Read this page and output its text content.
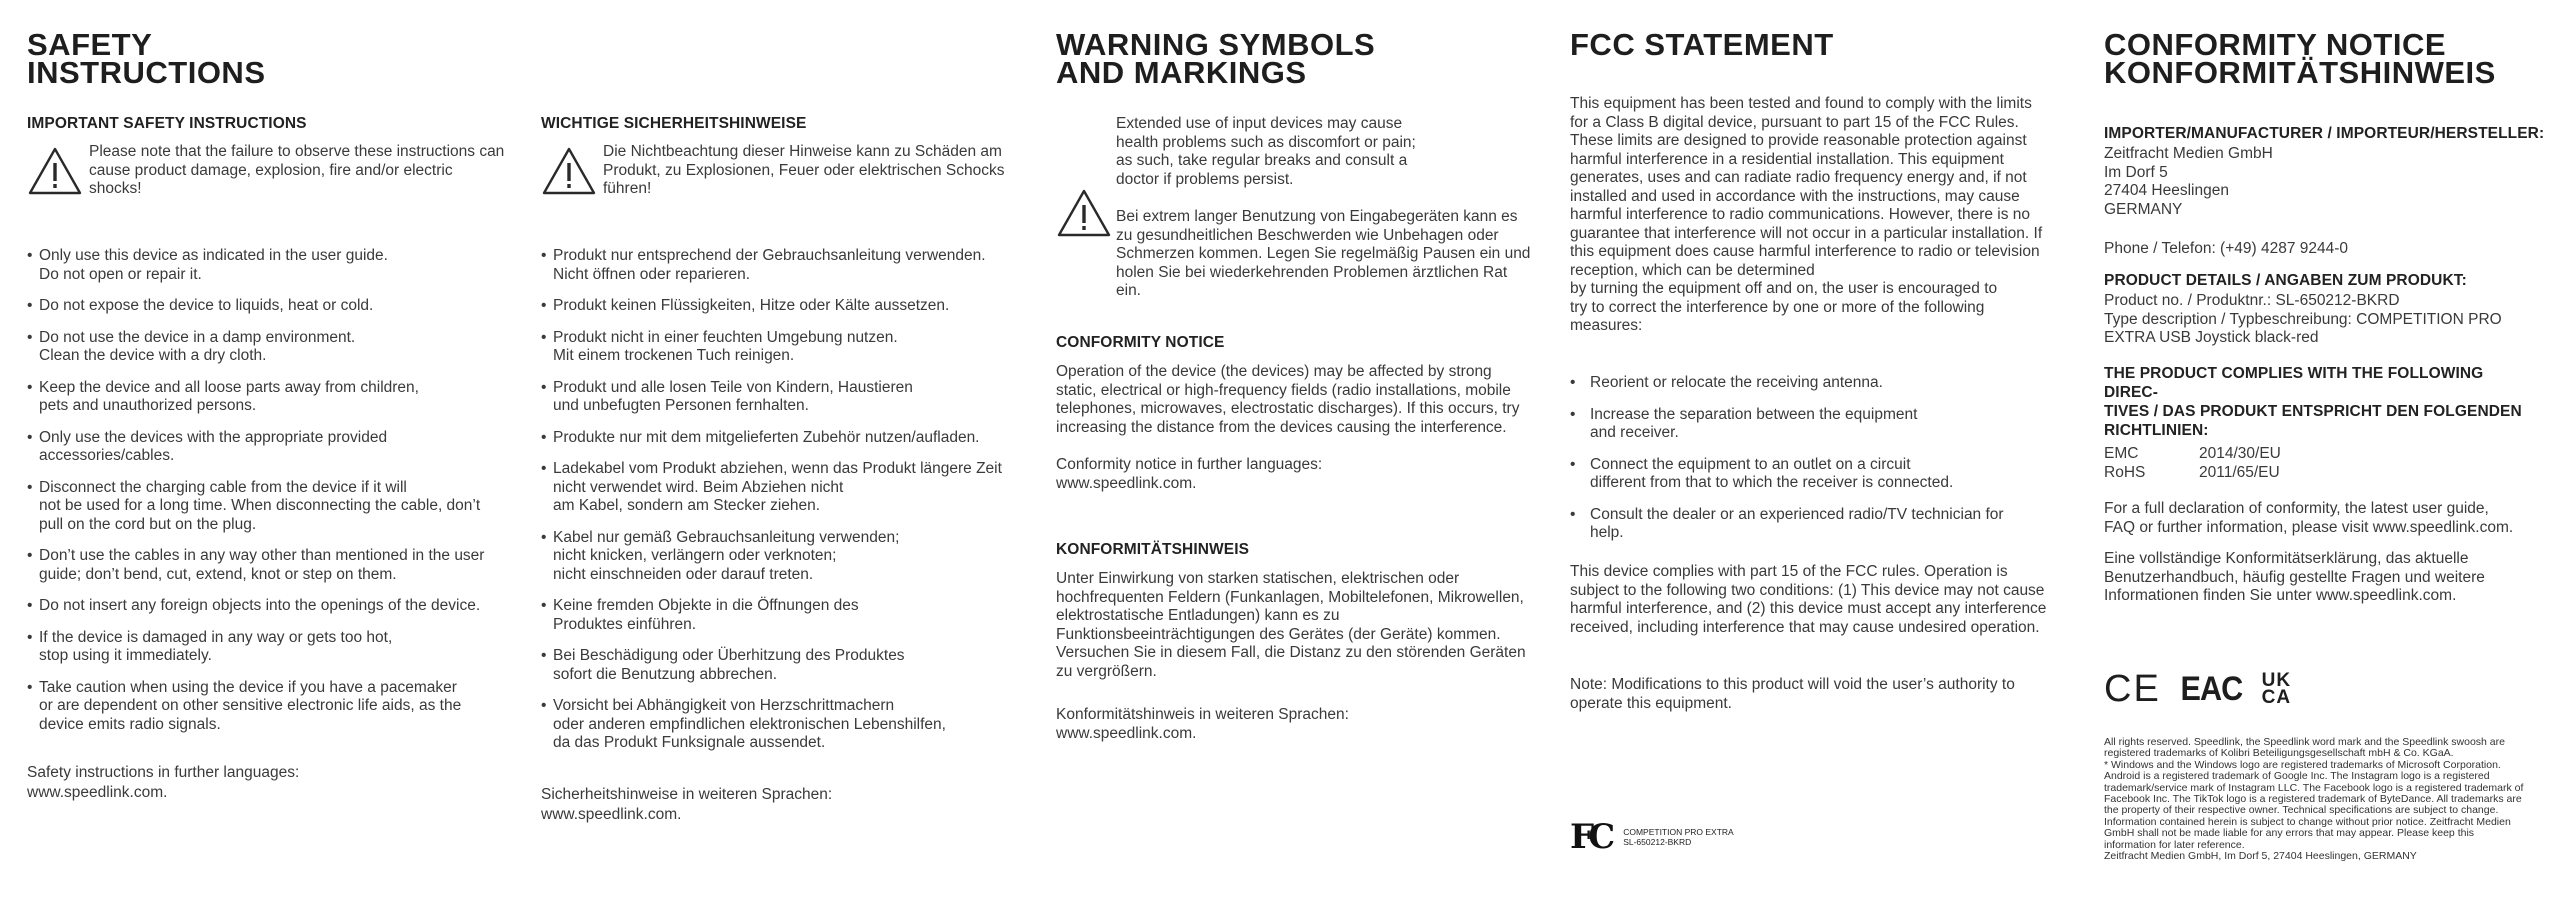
SAFETY
INSTRUCTIONS
IMPORTANT SAFETY INSTRUCTIONS
Please note that the failure to observe these instructions can cause product damage, explosion, fire and/or electric shocks!
• Only use this device as indicated in the user guide.
Do not open or repair it.
• Do not expose the device to liquids, heat or cold.
• Do not use the device in a damp environment.
Clean the device with a dry cloth.
• Keep the device and all loose parts away from children,
pets and unauthorized persons.
• Only use the devices with the appropriate provided accessories/cables.
• Disconnect the charging cable from the device if it will
not be used for a long time. When disconnecting the cable, don’t pull on the cord but on the plug.
• Don’t use the cables in any way other than mentioned in the user guide; don’t bend, cut, extend, knot or step on them.
• Do not insert any foreign objects into the openings of the device.
• If the device is damaged in any way or gets too hot,
stop using it immediately.
• Take caution when using the device if you have a pacemaker
or are dependent on other sensitive electronic life aids, as the device emits radio signals.
Safety instructions in further languages:
www.speedlink.com.
WICHTIGE SICHERHEITSHINWEISE
Die Nichtbeachtung dieser Hinweise kann zu Schäden am Produkt, zu Explosionen, Feuer oder elektrischen Schocks führen!
• Produkt nur entsprechend der Gebrauchsanleitung verwenden.
Nicht öffnen oder reparieren.
• Produkt keinen Flüssigkeiten, Hitze oder Kälte aussetzen.
• Produkt nicht in einer feuchten Umgebung nutzen.
Mit einem trockenen Tuch reinigen.
• Produkt und alle losen Teile von Kindern, Haustieren
und unbefugten Personen fernhalten.
• Produkte nur mit dem mitgelieferten Zubehör nutzen/aufladen.
• Ladekabel vom Produkt abziehen, wenn das Produkt längere Zeit nicht verwendet wird. Beim Abziehen nicht
am Kabel, sondern am Stecker ziehen.
• Kabel nur gemäß Gebrauchsanleitung verwenden;
nicht knicken, verlängern oder verknoten;
nicht einschneiden oder darauf treten.
• Keine fremden Objekte in die Öffnungen des
Produktes einführen.
• Bei Beschädigung oder Überhitzung des Produktes
sofort die Benutzung abbrechen.
• Vorsicht bei Abhängigkeit von Herzschrittmachern
oder anderen empfindlichen elektronischen Lebenshilfen,
da das Produkt Funksignale aussendet.
Sicherheitshinweise in weiteren Sprachen:
www.speedlink.com.
WARNING SYMBOLS
AND MARKINGS
Extended use of input devices may cause
health problems such as discomfort or pain;
as such, take regular breaks and consult a
doctor if problems persist.
Bei extrem langer Benutzung von Eingabegeräten kann es zu gesundheitlichen Beschwerden wie Unbehagen oder Schmerzen kommen. Legen Sie regelmäßig Pausen ein und holen Sie bei wiederkehrenden Problemen ärztlichen Rat ein.
CONFORMITY NOTICE
Operation of the device (the devices) may be affected by strong static, electrical or high-frequency fields (radio installations, mobile telephones, microwaves, electrostatic discharges). If this occurs, try increasing the distance from the devices causing the interference.
Conformity notice in further languages:
www.speedlink.com.
KONFORMITÄTSHINWEIS
Unter Einwirkung von starken statischen, elektrischen oder hochfrequenten Feldern (Funkanlagen, Mobiltelefonen, Mikrowellen, elektrostatische Entladungen) kann es zu Funktionsbeeinträchtigungen des Gerätes (der Geräte) kommen. Versuchen Sie in diesem Fall, die Distanz zu den störenden Geräten zu vergrößern.
Konformitätshinweis in weiteren Sprachen:
www.speedlink.com.
FCC STATEMENT
This equipment has been tested and found to comply with the limits for a Class B digital device, pursuant to part 15 of the FCC Rules. These limits are designed to provide reasonable protection against harmful interference in a residential installation. This equipment generates, uses and can radiate radio frequency energy and, if not installed and used in accordance with the instructions, may cause harmful interference to radio communications. However, there is no guarantee that interference will not occur in a particular installation. If this equipment does cause harmful interference to radio or television reception, which can be determined
by turning the equipment off and on, the user is encouraged to
try to correct the interference by one or more of the following measures:
• Reorient or relocate the receiving antenna.
• Increase the separation between the equipment
and receiver.
• Connect the equipment to an outlet on a circuit
different from that to which the receiver is connected.
• Consult the dealer or an experienced radio/TV technician for help.
This device complies with part 15 of the FCC rules. Operation is subject to the following two conditions: (1) This device may not cause harmful interference, and (2) this device must accept any interference received, including interference that may cause undesired operation.
Note: Modifications to this product will void the user’s authority to operate this equipment.
FC COMPETITION PRO EXTRA
SL-650212-BKRD
CONFORMITY NOTICE
KONFORMITÄTSHINWEIS
IMPORTER/MANUFACTURER / IMPORTEUR/HERSTELLER:
Zeitfracht Medien GmbH
Im Dorf 5
27404 Heeslingen
GERMANY
Phone / Telefon: (+49) 4287 9244-0
PRODUCT DETAILS / ANGABEN ZUM PRODUKT:
Product no. / Produktnr.: SL-650212-BKRD
Type description / Typbeschreibung: COMPETITION PRO EXTRA USB Joystick black-red
THE PRODUCT COMPLIES WITH THE FOLLOWING DIREC-
TIVES / DAS PRODUKT ENTSPRICHT DEN FOLGENDEN
RICHTLINIEN:
EMC	2014/30/EU
RoHS	2011/65/EU
For a full declaration of conformity, the latest user guide, FAQ or further information, please visit www.speedlink.com.
Eine vollständige Konformitätserklärung, das aktuelle Benutzerhandbuch, häufig gestellte Fragen und weitere Informationen finden Sie unter www.speedlink.com.
CE EAC UK
CA
All rights reserved. Speedlink, the Speedlink word mark and the Speedlink swoosh are registered trademarks of Kolibri Beteiligungsgesellschaft mbH & Co. KGaA.
* Windows and the Windows logo are registered trademarks of Microsoft Corporation. Android is a registered trademark of Google Inc. The Instagram logo is a registered trademark/service mark of Instagram LLC. The Facebook logo is a registered trademark of Facebook Inc. The TikTok logo is a registered trademark of ByteDance. All trademarks are the property of their respective owner. Technical specifications are subject to change. Information contained herein is subject to change without prior notice. Zeitfracht Medien GmbH shall not be made liable for any errors that may appear. Please keep this information for later reference.
Zeitfracht Medien GmbH, Im Dorf 5, 27404 Heeslingen, GERMANY
